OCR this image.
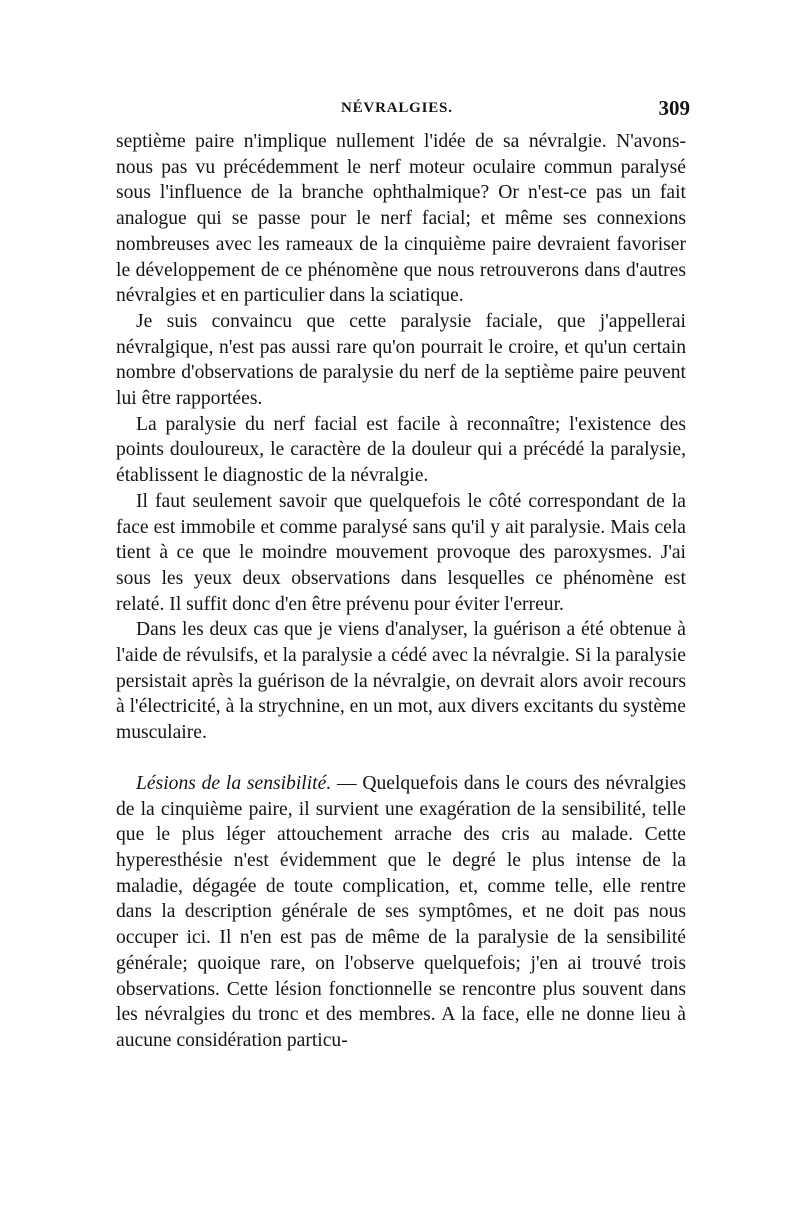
NÉVRALGIES.	309

septième paire n'implique nullement l'idée de sa névralgie. N'avons-nous pas vu précédemment le nerf moteur oculaire commun paralysé sous l'influence de la branche ophthalmique? Or n'est-ce pas un fait analogue qui se passe pour le nerf facial; et même ses connexions nombreuses avec les rameaux de la cinquième paire devraient favoriser le développement de ce phénomène que nous retrouverons dans d'autres névralgies et en particulier dans la sciatique.

Je suis convaincu que cette paralysie faciale, que j'appellerai névralgique, n'est pas aussi rare qu'on pourrait le croire, et qu'un certain nombre d'observations de paralysie du nerf de la septième paire peuvent lui être rapportées.

La paralysie du nerf facial est facile à reconnaître; l'existence des points douloureux, le caractère de la douleur qui a précédé la paralysie, établissent le diagnostic de la névralgie.

Il faut seulement savoir que quelquefois le côté correspondant de la face est immobile et comme paralysé sans qu'il y ait paralysie. Mais cela tient à ce que le moindre mouvement provoque des paroxysmes. J'ai sous les yeux deux observations dans lesquelles ce phénomène est relaté. Il suffit donc d'en être prévenu pour éviter l'erreur.

Dans les deux cas que je viens d'analyser, la guérison a été obtenue à l'aide de révulsifs, et la paralysie a cédé avec la névralgie. Si la paralysie persistait après la guérison de la névralgie, on devrait alors avoir recours à l'électricité, à la strychnine, en un mot, aux divers excitants du système musculaire.

Lésions de la sensibilité. — Quelquefois dans le cours des névralgies de la cinquième paire, il survient une exagération de la sensibilité, telle que le plus léger attouchement arrache des cris au malade. Cette hyperesthésie n'est évidemment que le degré le plus intense de la maladie, dégagée de toute complication, et, comme telle, elle rentre dans la description générale de ses symptômes, et ne doit pas nous occuper ici. Il n'en est pas de même de la paralysie de la sensibilité générale; quoique rare, on l'observe quelquefois; j'en ai trouvé trois observations. Cette lésion fonctionnelle se rencontre plus souvent dans les névralgies du tronc et des membres. A la face, elle ne donne lieu à aucune considération particu-
